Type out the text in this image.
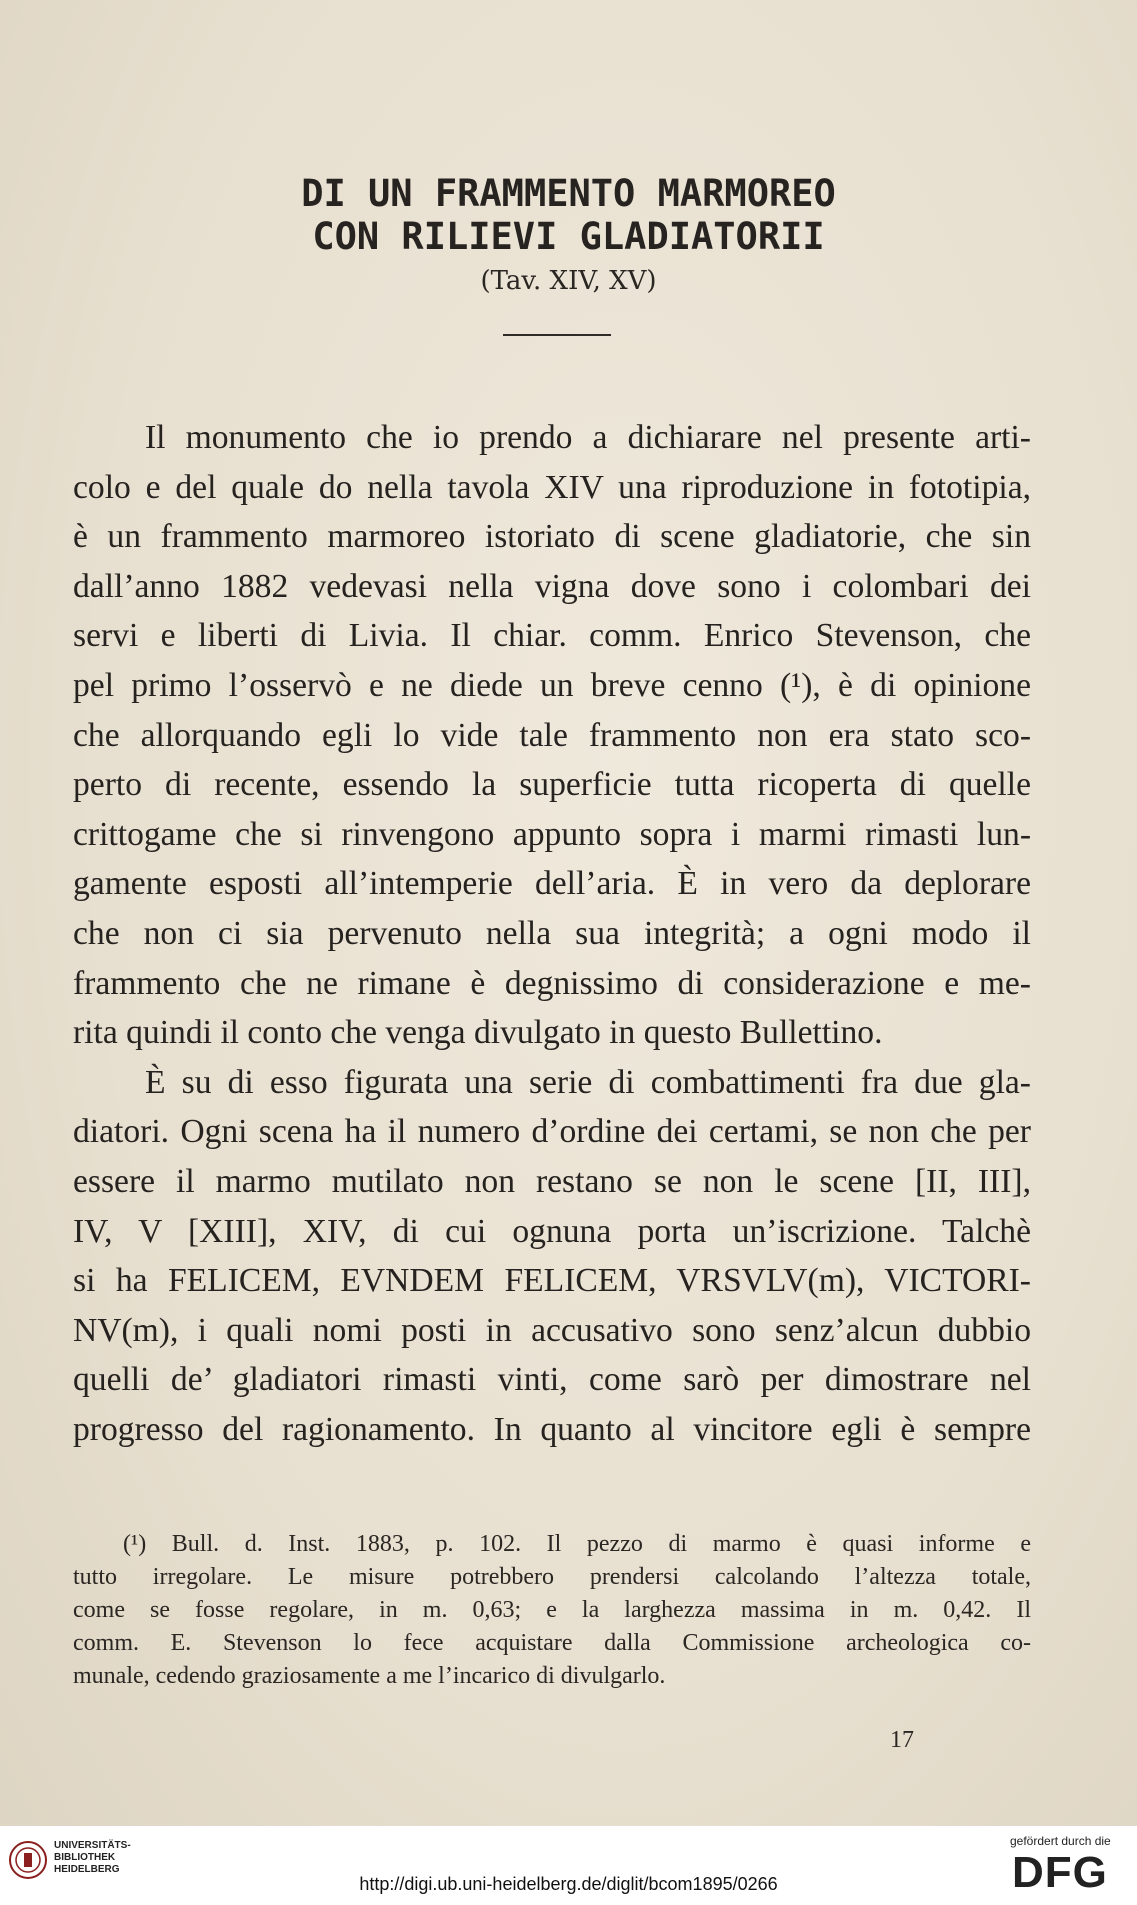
DI UN FRAMMENTO MARMOREO
CON RILIEVI GLADIATORII
(Tav. XIV, XV)

Il monumento che io prendo a dichiarare nel presente arti-
colo e del quale do nella tavola XIV una riproduzione in fototipia,
è un frammento marmoreo istoriato di scene gladiatorie, che sin
dall’anno 1882 vedevasi nella vigna dove sono i colombari dei
servi e liberti di Livia. Il chiar. comm. Enrico Stevenson, che
pel primo l’osservò e ne diede un breve cenno (¹), è di opinione
che allorquando egli lo vide tale frammento non era stato sco-
perto di recente, essendo la superficie tutta ricoperta di quelle
crittogame che si rinvengono appunto sopra i marmi rimasti lun-
gamente esposti all’intemperie dell’aria. È in vero da deplorare
che non ci sia pervenuto nella sua integrità; a ogni modo il
frammento che ne rimane è degnissimo di considerazione e me-
rita quindi il conto che venga divulgato in questo Bullettino.

È su di esso figurata una serie di combattimenti fra due gla-
diatori. Ogni scena ha il numero d’ordine dei certami, se non che per
essere il marmo mutilato non restano se non le scene [II, III],
IV, V [XIII], XIV, di cui ognuna porta un’iscrizione. Talchè
si ha FELICEM, EVNDEM FELICEM, VRSVLV(m), VICTORI-
NV(m), i quali nomi posti in accusativo sono senz’alcun dubbio
quelli de’ gladiatori rimasti vinti, come sarò per dimostrare nel
progresso del ragionamento. In quanto al vincitore egli è sempre

(¹) Bull. d. Inst. 1883, p. 102. Il pezzo di marmo è quasi informe e
tutto irregolare. Le misure potrebbero prendersi calcolando l’altezza totale,
come se fosse regolare, in m. 0,63; e la larghezza massima in m. 0,42. Il
comm. E. Stevenson lo fece acquistare dalla Commissione archeologica co-
munale, cedendo graziosamente a me l’incarico di divulgarlo.
17
UNIVERSITÄTS-
BIBLIOTHEK
HEIDELBERG
http://digi.ub.uni-heidelberg.de/diglit/bcom1895/0266
gefördert durch die
DFG
